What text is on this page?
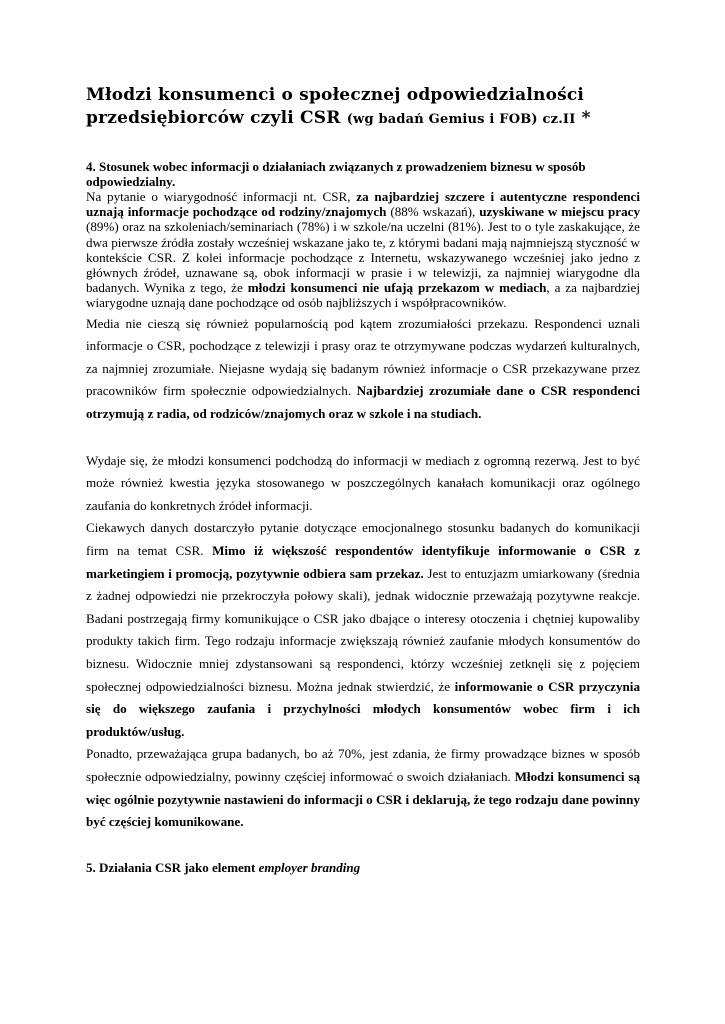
Młodzi konsumenci o społecznej odpowiedzialności
przedsiębiorców czyli CSR (wg badań Gemius i FOB) cz.II *
4. Stosunek wobec informacji o działaniach związanych z prowadzeniem biznesu w sposób odpowiedzialny.

Na pytanie o wiarygodność informacji nt. CSR, za najbardziej szczere i autentyczne respondenci uznają informacje pochodzące od rodziny/znajomych (88% wskazań), uzyskiwane w miejscu pracy (89%) oraz na szkoleniach/seminariach (78%) i w szkole/na uczelni (81%). Jest to o tyle zaskakujące, że dwa pierwsze źródła zostały wcześniej wskazane jako te, z którymi badani mają najmniejszą styczność w kontekście CSR. Z kolei informacje pochodzące z Internetu, wskazywanego wcześniej jako jedno z głównych źródeł, uznawane są, obok informacji w prasie i w telewizji, za najmniej wiarygodne dla badanych. Wynika z tego, że młodzi konsumenci nie ufają przekazom w mediach, a za najbardziej wiarygodne uznają dane pochodzące od osób najbliższych i współpracowników.

Media nie cieszą się również popularnością pod kątem zrozumiałości przekazu. Respondenci uznali informacje o CSR, pochodzące z telewizji i prasy oraz te otrzymywane podczas wydarzeń kulturalnych, za najmniej zrozumiałe. Niejasne wydają się badanym również informacje o CSR przekazywane przez pracowników firm społecznie odpowiedzialnych. Najbardziej zrozumiałe dane o CSR respondenci otrzymują z radia, od rodziców/znajomych oraz w szkole i na studiach.

Wydaje się, że młodzi konsumenci podchodzą do informacji w mediach z ogromną rezerwą. Jest to być może również kwestia języka stosowanego w poszczególnych kanałach komunikacji oraz ogólnego zaufania do konkretnych źródeł informacji.

Ciekawych danych dostarczyło pytanie dotyczące emocjonalnego stosunku badanych do komunikacji firm na temat CSR. Mimo iż większość respondentów identyfikuje informowanie o CSR z marketingiem i promocją, pozytywnie odbiera sam przekaz. Jest to entuzjazm umiarkowany (średnia z żadnej odpowiedzi nie przekroczyła połowy skali), jednak widocznie przeważają pozytywne reakcje. Badani postrzegają firmy komunikujące o CSR jako dbające o interesy otoczenia i chętniej kupowaliby produkty takich firm. Tego rodzaju informacje zwiększają również zaufanie młodych konsumentów do biznesu. Widocznie mniej zdystansowani są respondenci, którzy wcześniej zetknęli się z pojęciem społecznej odpowiedzialności biznesu. Można jednak stwierdzić, że informowanie o CSR przyczynia się do większego zaufania i przychylności młodych konsumentów wobec firm i ich produktów/usług.

Ponadto, przeważająca grupa badanych, bo aż 70%, jest zdania, że firmy prowadzące biznes w sposób społecznie odpowiedzialny, powinny częściej informować o swoich działaniach. Młodzi konsumenci są więc ogólnie pozytywnie nastawieni do informacji o CSR i deklarują, że tego rodzaju dane powinny być częściej komunikowane.

5. Działania CSR jako element employer branding
